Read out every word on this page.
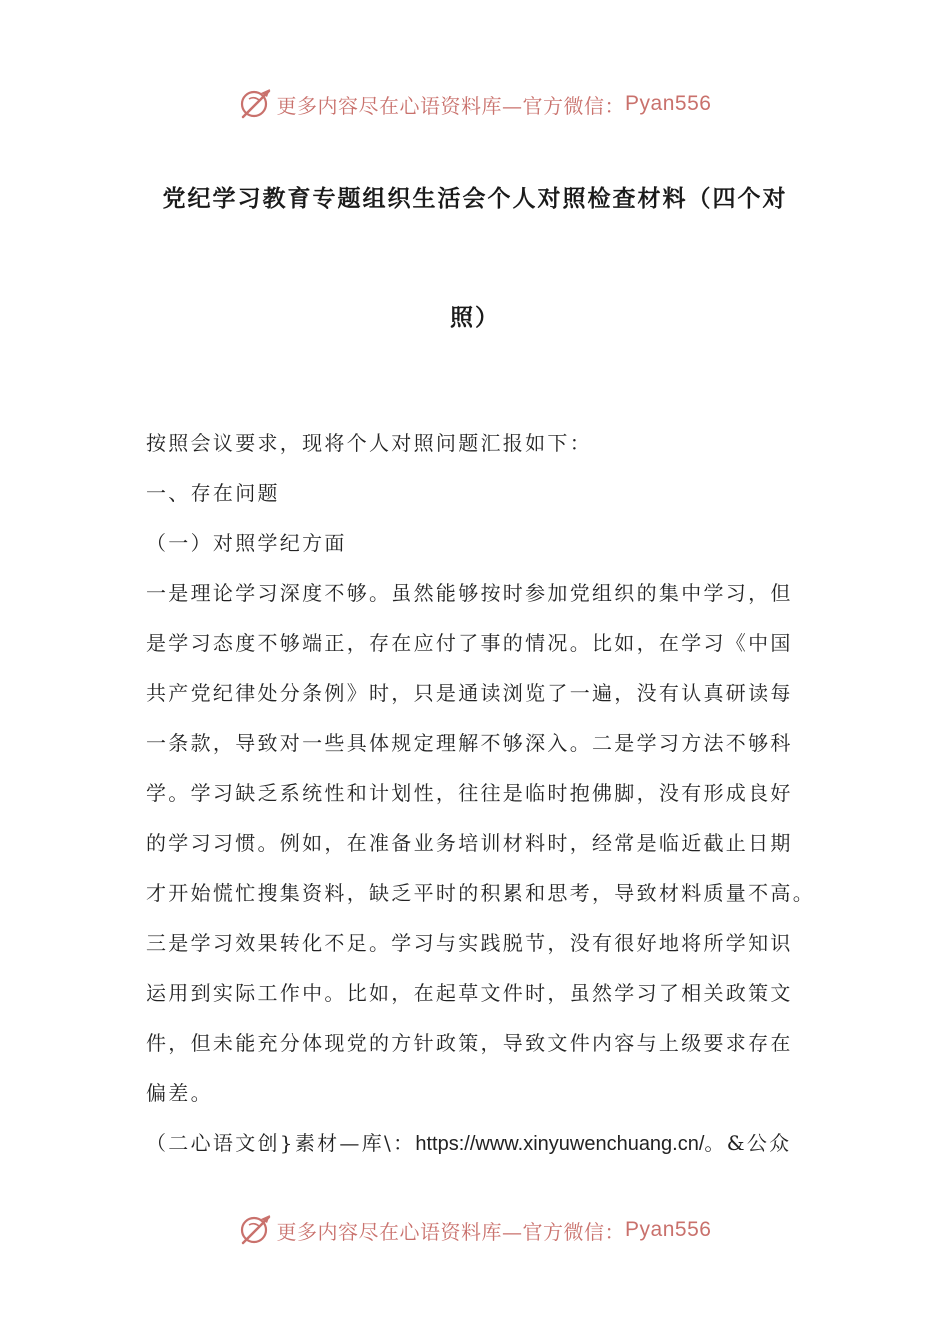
更多内容尽在心语资料库—官方微信： Pyan556
党纪学习教育专题组织生活会个人对照检查材料（四个对
照）

按照会议要求，现将个人对照问题汇报如下：

一、存在问题

（一）对照学纪方面

一是理论学习深度不够。虽然能够按时参加党组织的集中学习，但
是学习态度不够端正，存在应付了事的情况。比如，在学习《中国
共产党纪律处分条例》时，只是通读浏览了一遍，没有认真研读每
一条款，导致对一些具体规定理解不够深入。二是学习方法不够科
学。学习缺乏系统性和计划性，往往是临时抱佛脚，没有形成良好
的学习习惯。例如，在准备业务培训材料时，经常是临近截止日期
才开始慌忙搜集资料，缺乏平时的积累和思考，导致材料质量不高。
三是学习效果转化不足。学习与实践脱节，没有很好地将所学知识
运用到实际工作中。比如，在起草文件时，虽然学习了相关政策文
件，但未能充分体现党的方针政策，导致文件内容与上级要求存在
偏差。

（二心语文创}素材—库\：https://www.xinyuwenchuang.cn/。&公众

更多内容尽在心语资料库—官方微信： Pyan556
